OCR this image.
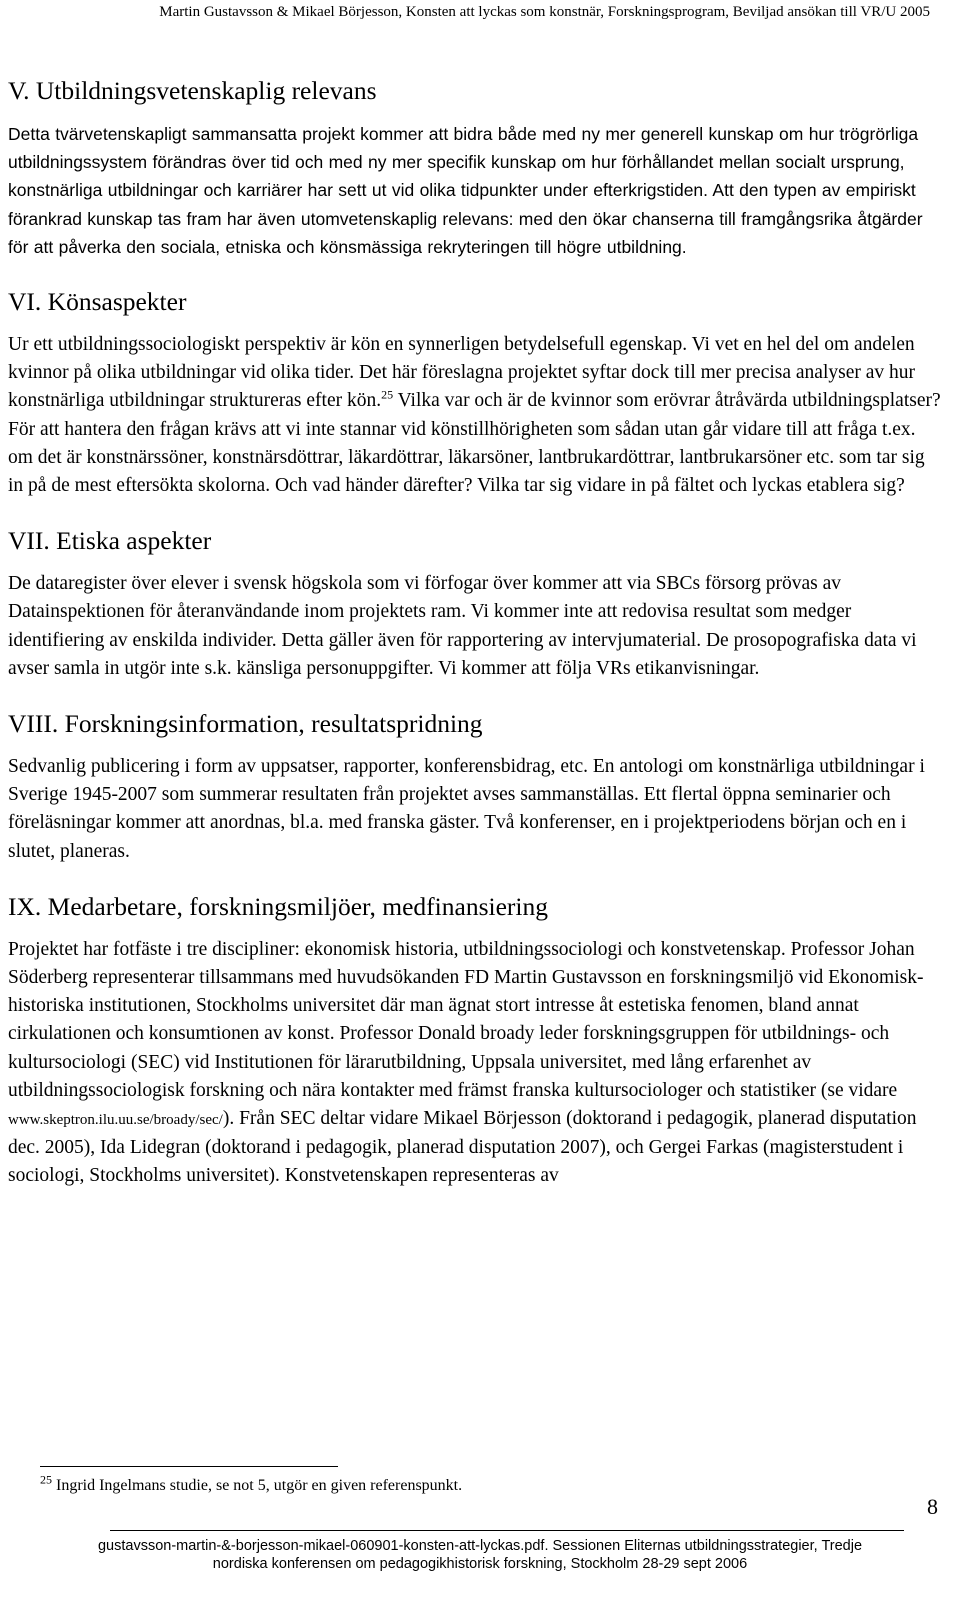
Martin Gustavsson & Mikael Börjesson, Konsten att lyckas som konstnär, Forskningsprogram, Beviljad ansökan till VR/U 2005
V. Utbildningsvetenskaplig relevans

Detta tvärvetenskapligt sammansatta projekt kommer att bidra både med ny mer generell kunskap om hur trögrörliga utbildningssystem förändras över tid och med ny mer specifik kunskap om hur förhållandet mellan socialt ursprung, konstnärliga utbildningar och karriärer har sett ut vid olika tidpunkter under efterkrigstiden. Att den typen av empiriskt förankrad kunskap tas fram har även utomvetenskaplig relevans: med den ökar chanserna till framgångsrika åtgärder för att påverka den sociala, etniska och könsmässiga rekryteringen till högre utbildning.

VI. Könsaspekter

Ur ett utbildningssociologiskt perspektiv är kön en synnerligen betydelsefull egenskap. Vi vet en hel del om andelen kvinnor på olika utbildningar vid olika tider. Det här föreslagna projektet syftar dock till mer precisa analyser av hur konstnärliga utbildningar struktureras efter kön.$^{25}$ Vilka var och är de kvinnor som erövrar åtråvärda utbildningsplatser? För att hantera den frågan krävs att vi inte stannar vid könstillhörigheten som sådan utan går vidare till att fråga t.ex. om det är konstnärssöner, konstnärsdöttrar, läkardöttrar, läkarsöner, lantbrukardöttrar, lantbrukarsöner etc. som tar sig in på de mest eftersökta skolorna. Och vad händer därefter? Vilka tar sig vidare in på fältet och lyckas etablera sig?

VII. Etiska aspekter

De dataregister över elever i svensk högskola som vi förfogar över kommer att via SBCs försorg prövas av Datainspektionen för återanvändande inom projektets ram. Vi kommer inte att redovisa resultat som medger identifiering av enskilda individer. Detta gäller även för rapportering av intervjumaterial. De prosopografiska data vi avser samla in utgör inte s.k. känsliga personuppgifter. Vi kommer att följa VRs etikanvisningar.

VIII. Forskningsinformation, resultatspridning

Sedvanlig publicering i form av uppsatser, rapporter, konferensbidrag, etc. En antologi om konstnärliga utbildningar i Sverige 1945-2007 som summerar resultaten från projektet avses sammanställas. Ett flertal öppna seminarier och föreläsningar kommer att anordnas, bl.a. med franska gäster. Två konferenser, en i projektperiodens början och en i slutet, planeras.

IX. Medarbetare, forskningsmiljöer, medfinansiering

Projektet har fotfäste i tre discipliner: ekonomisk historia, utbildningssociologi och konstvetenskap. Professor Johan Söderberg representerar tillsammans med huvudsökanden FD Martin Gustavsson en forskningsmiljö vid Ekonomisk-historiska institutionen, Stockholms universitet där man ägnat stort intresse åt estetiska fenomen, bland annat cirkulationen och konsumtionen av konst. Professor Donald broady leder forskningsgruppen för utbildnings- och kultursociologi (SEC) vid Institutionen för lärarutbildning, Uppsala universitet, med lång erfarenhet av utbildningssociologisk forskning och nära kontakter med främst franska kultursociologer och statistiker (se vidare www.skeptron.ilu.uu.se/broady/sec/). Från SEC deltar vidare Mikael Börjesson (doktorand i pedagogik, planerad disputation dec. 2005), Ida Lidegran (doktorand i pedagogik, planerad disputation 2007), och Gergei Farkas (magisterstudent i sociologi, Stockholms universitet). Konstvetenskapen representeras av

$^{25}$ Ingrid Ingelmans studie, se not 5, utgör en given referenspunkt.
8
gustavsson-martin-&-borjesson-mikael-060901-konsten-att-lyckas.pdf. Sessionen Eliternas utbildningsstrategier, Tredje
nordiska konferensen om pedagogikhistorisk forskning, Stockholm 28-29 sept 2006
